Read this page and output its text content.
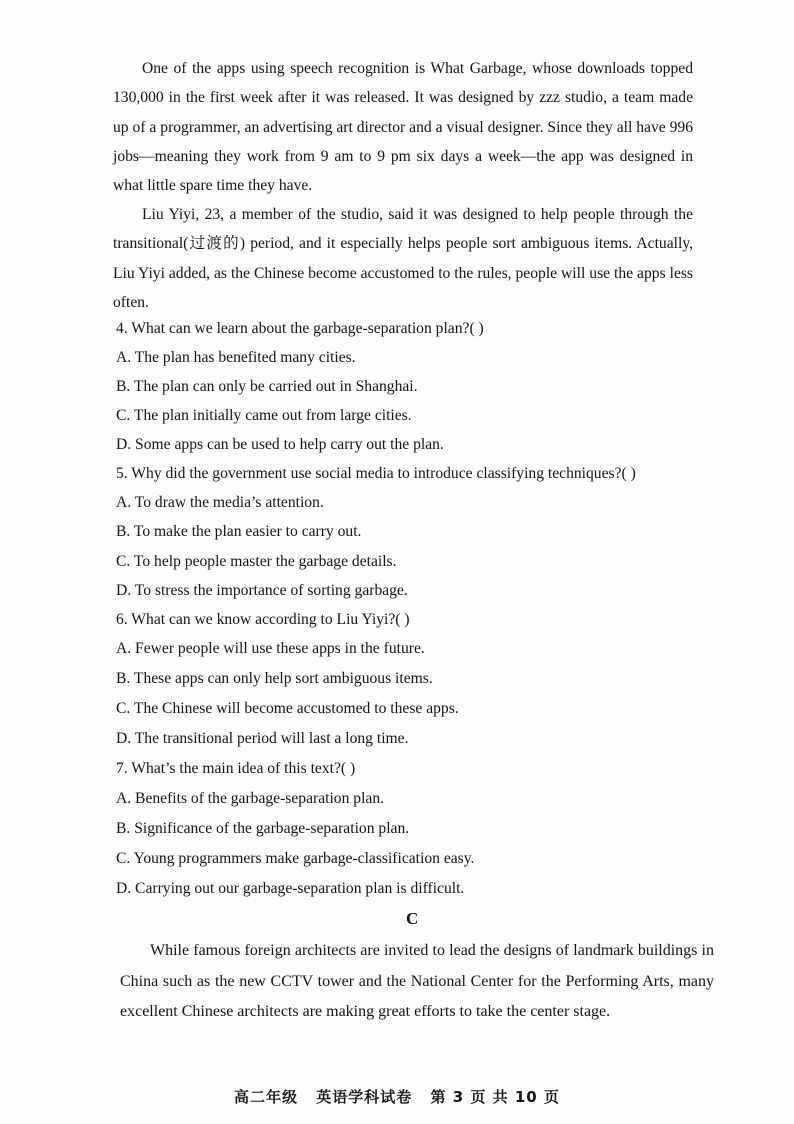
One of the apps using speech recognition is What Garbage, whose downloads topped 130,000 in the first week after it was released. It was designed by zzz studio, a team made up of a programmer, an advertising art director and a visual designer. Since they all have 996 jobs—meaning they work from 9 am to 9 pm six days a week—the app was designed in what little spare time they have.

Liu Yiyi, 23, a member of the studio, said it was designed to help people through the transitional(过渡的) period, and it especially helps people sort ambiguous items. Actually, Liu Yiyi added, as the Chinese become accustomed to the rules, people will use the apps less often.

4. What can we learn about the garbage-separation plan?( )

A. The plan has benefited many cities.

B. The plan can only be carried out in Shanghai.

C. The plan initially came out from large cities.

D. Some apps can be used to help carry out the plan.

5. Why did the government use social media to introduce classifying techniques?( )

A. To draw the media’s attention.

B. To make the plan easier to carry out.

C. To help people master the garbage details.

D. To stress the importance of sorting garbage.

6. What can we know according to Liu Yiyi?( )

A. Fewer people will use these apps in the future.

B. These apps can only help sort ambiguous items.

C. The Chinese will become accustomed to these apps.

D. The transitional period will last a long time.

7. What’s the main idea of this text?( )

A. Benefits of the garbage-separation plan.

B. Significance of the garbage-separation plan.

C. Young programmers make garbage-classification easy.

D. Carrying out our garbage-separation plan is difficult.

C

While famous foreign architects are invited to lead the designs of landmark buildings in China such as the new CCTV tower and the National Center for the Performing Arts, many excellent Chinese architects are making great efforts to take the center stage.

高二年级 英语学科试卷 第 3 页 共 10 页
